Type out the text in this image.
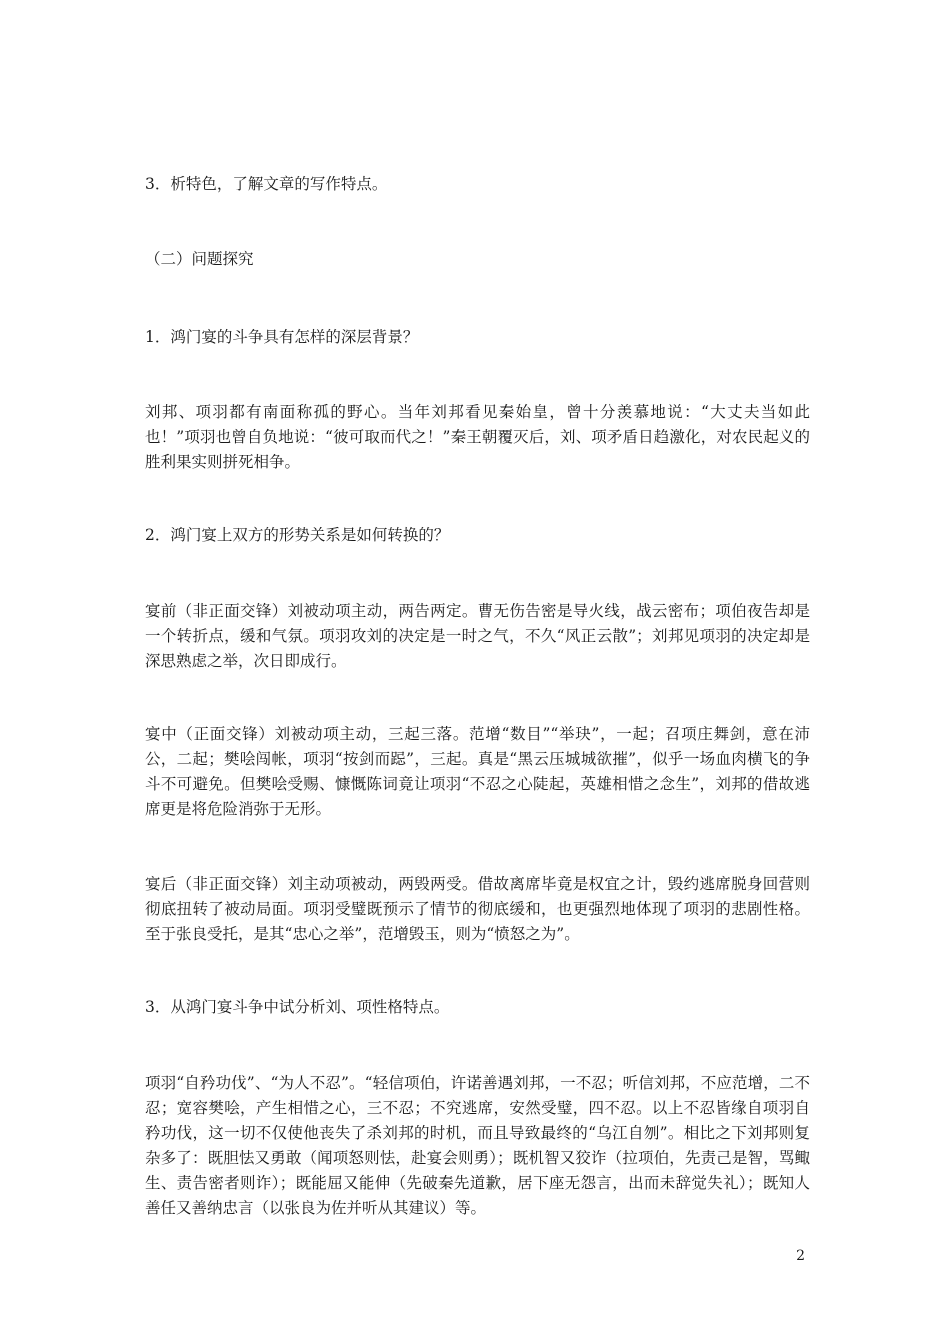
3．析特色，了解文章的写作特点。

（二）问题探究

1．鸿门宴的斗争具有怎样的深层背景？

刘邦、项羽都有南面称孤的野心。当年刘邦看见秦始皇，曾十分羡慕地说：“大丈夫当如此也！”项羽也曾自负地说：“彼可取而代之！”秦王朝覆灭后，刘、项矛盾日趋激化，对农民起义的胜利果实则拼死相争。

2．鸿门宴上双方的形势关系是如何转换的？

宴前（非正面交锋）刘被动项主动，两告两定。曹无伤告密是导火线，战云密布；项伯夜告却是一个转折点，缓和气氛。项羽攻刘的决定是一时之气，不久“风正云散”；刘邦见项羽的决定却是深思熟虑之举，次日即成行。

宴中（正面交锋）刘被动项主动，三起三落。范增“数目”“举玦”，一起；召项庄舞剑，意在沛公，二起；樊哙闯帐，项羽“按剑而跽”，三起。真是“黑云压城城欲摧”，似乎一场血肉横飞的争斗不可避免。但樊哙受赐、慷慨陈词竟让项羽“不忍之心陡起，英雄相惜之念生”，刘邦的借故逃席更是将危险消弥于无形。

宴后（非正面交锋）刘主动项被动，两毁两受。借故离席毕竟是权宜之计，毁约逃席脱身回营则彻底扭转了被动局面。项羽受璧既预示了情节的彻底缓和，也更强烈地体现了项羽的悲剧性格。至于张良受托，是其“忠心之举”，范增毁玉，则为“愤怒之为”。

3．从鸿门宴斗争中试分析刘、项性格特点。

项羽“自矜功伐”、“为人不忍”。“轻信项伯，许诺善遇刘邦，一不忍；听信刘邦，不应范增，二不忍；宽容樊哙，产生相惜之心，三不忍；不究逃席，安然受璧，四不忍。以上不忍皆缘自项羽自矜功伐，这一切不仅使他丧失了杀刘邦的时机，而且导致最终的“乌江自刎”。相比之下刘邦则复杂多了：既胆怯又勇敢（闻项怒则怯，赴宴会则勇）；既机智又狡诈（拉项伯，先责己是智，骂鲰生、责告密者则诈）；既能屈又能伸（先破秦先道歉，居下座无怨言，出而未辞觉失礼）；既知人善任又善纳忠言（以张良为佐并听从其建议）等。

2
